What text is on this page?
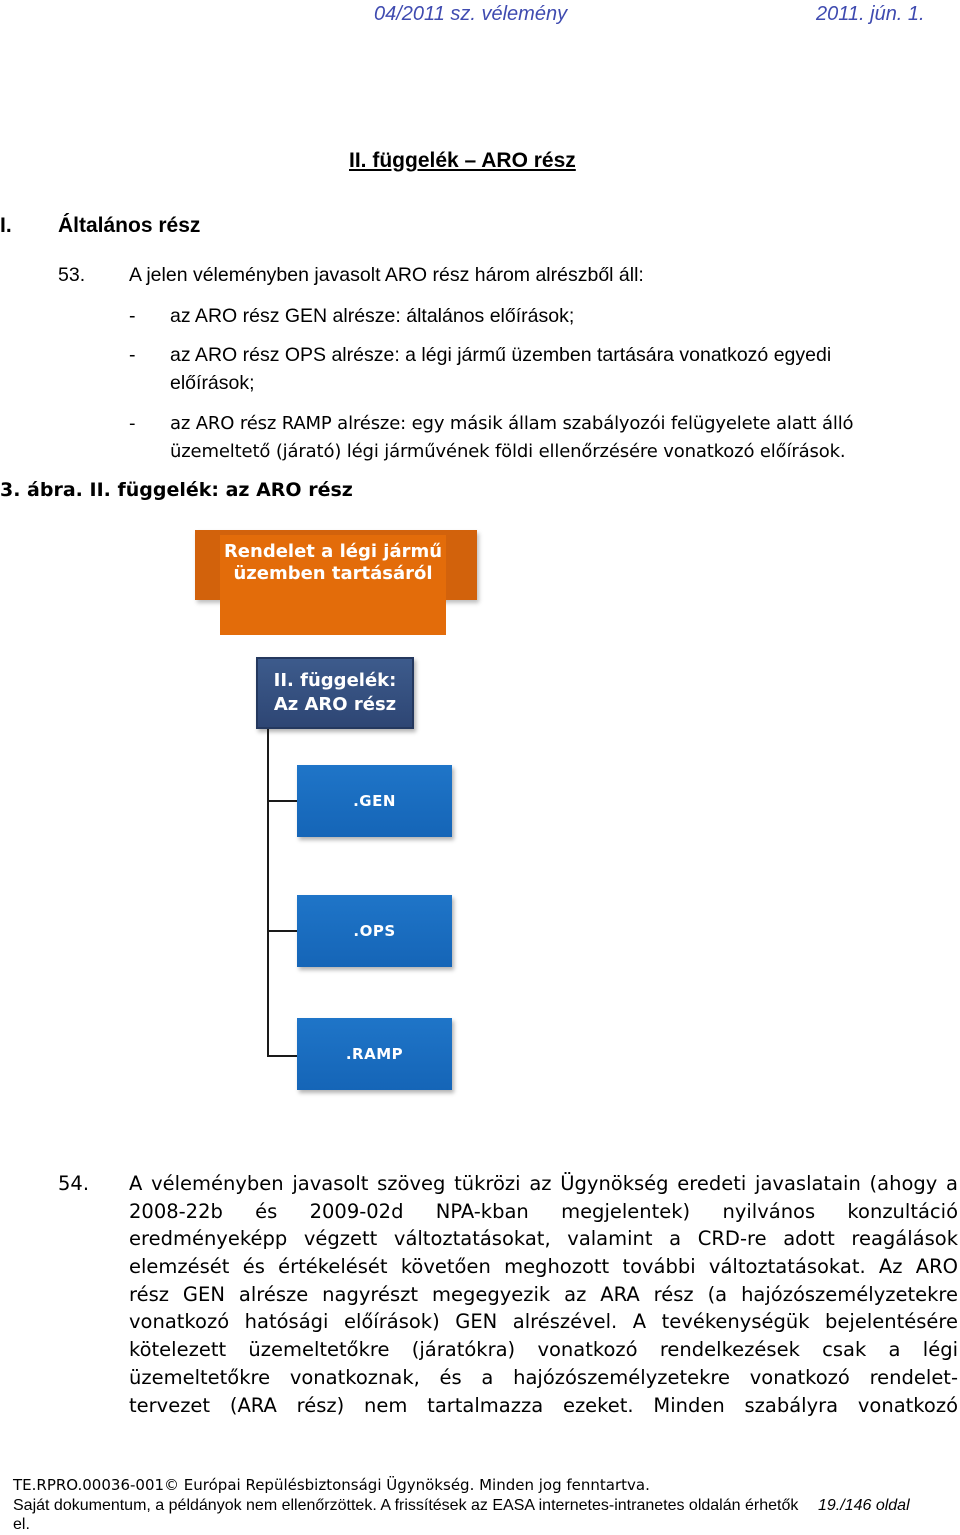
04/2011 sz. vélemény	2011. jún. 1.
II. függelék – ARO rész
I. Általános rész
53. A jelen véleményben javasolt ARO rész három alrészből áll:
- az ARO rész GEN alrésze: általános előírások;
- az ARO rész OPS alrésze: a légi jármű üzemben tartására vonatkozó egyedi
előírások;
- az ARO rész RAMP alrésze: egy másik állam szabályozói felügyelete alatt álló
üzemeltető (járató) légi járművének földi ellenőrzésére vonatkozó előírások.
3. ábra. II. függelék: az ARO rész
Rendelet a légi jármű üzemben tartásáról
II. függelék:
Az ARO rész
.GEN
.OPS
.RAMP
54. A véleményben javasolt szöveg tükrözi az Ügynökség eredeti javaslatain (ahogy a
2008-22b és 2009-02d NPA-kban megjelentek) nyilvános konzultáció
eredményeképp végzett változtatásokat, valamint a CRD-re adott reagálások
elemzését és értékelését követően meghozott további változtatásokat. Az ARO
rész GEN alrésze nagyrészt megegyezik az ARA rész (a hajózószemélyzetekre
vonatkozó hatósági előírások) GEN alrészével. A tevékenységük bejelentésére
kötelezett üzemeltetőkre (járatókra) vonatkozó rendelkezések csak a légi
üzemeltetőkre vonatkoznak, és a hajózószemélyzetekre vonatkozó rendelet-
tervezet (ARA rész) nem tartalmazza ezeket. Minden szabályra vonatkozó
TE.RPRO.00036-001© Európai Repülésbiztonsági Ügynökség. Minden jog fenntartva.
Saját dokumentum, a példányok nem ellenőrzöttek. A frissítések az EASA internetes-intranetes oldalán érhetők 19./146 oldal
el.
